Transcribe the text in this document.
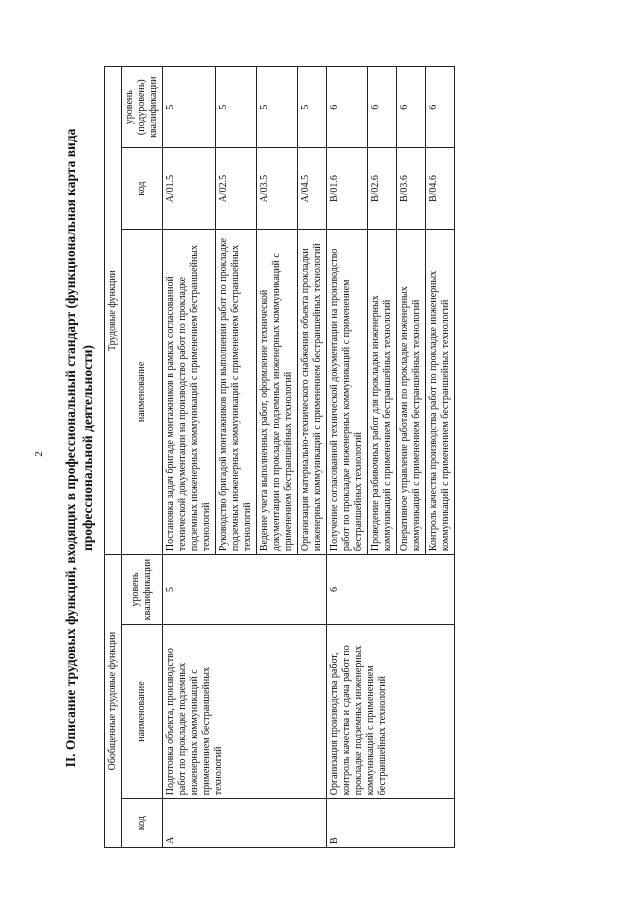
2 II. Описание трудовых функций, входящих в профессиональный стандарт (функциональная карта вида профессиональной деятельности)
Обобщенные трудовые функции			Трудовые функции		
код	наименование	уровень квалификации	наименование	код	уровень (подуровень) квалификации
А	Подготовка объекта, производство работ по прокладке подземных инженерных коммуникаций с применением бестраншейных технологий	5	Постановка задач бригаде монтажников в рамках согласованной технической документации на производство работ по прокладке подземных инженерных коммуникаций с применением бестраншейных технологий	А/01.5	5
			Руководство бригадой монтажников при выполнении работ по прокладке подземных инженерных коммуникаций с применением бестраншейных технологий	А/02.5	5
			Ведение учета выполненных работ, оформление технической документации по прокладке подземных инженерных коммуникаций с применением бестраншейных технологий	А/03.5	5
			Организация материально-технического снабжения объекта прокладки инженерных коммуникаций с применением бестраншейных технологий	А/04.5	5
В	Организация производства работ, контроль качества и сдача работ по прокладке подземных инженерных коммуникаций с применением бестраншейных технологий	6	Получение согласованной технической документации на производство работ по прокладке инженерных коммуникаций с применением бестраншейных технологий	В/01.6	6
			Проведение разбивочных работ для прокладки инженерных коммуникаций с применением бестраншейных технологий	В/02.6	6
			Оперативное управление работами по прокладке инженерных коммуникаций с применением бестраншейных технологий	В/03.6	6
			Контроль качества производства работ по прокладке инженерных коммуникаций с применением бестраншейных технологий	В/04.6	6
